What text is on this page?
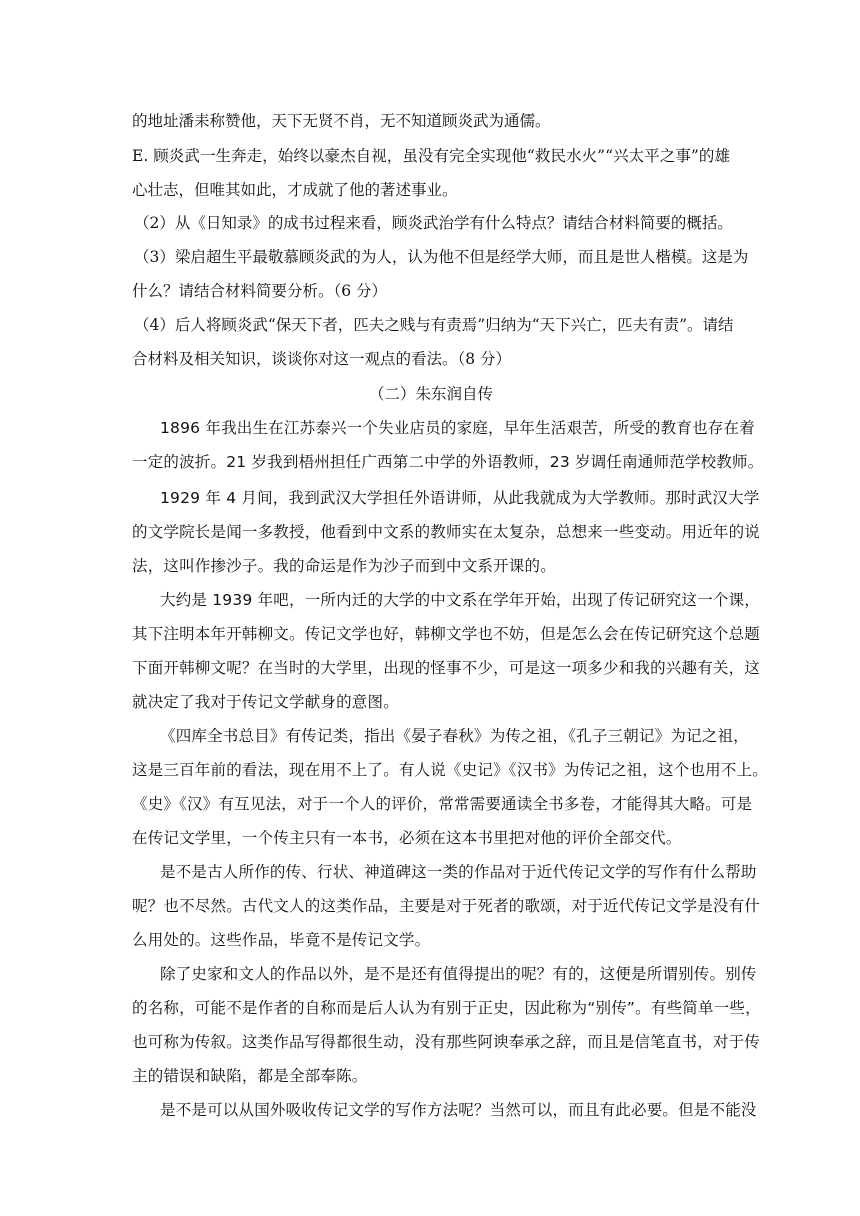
的地址潘耒称赞他，天下无贤不肖，无不知道顾炎武为通儒。
E. 顾炎武一生奔走，始终以豪杰自视，虽没有完全实现他“救民水火”“兴太平之事”的雄
心壮志，但唯其如此，才成就了他的著述事业。
（2）从《日知录》的成书过程来看，顾炎武治学有什么特点？请结合材料简要的概括。
（3）梁启超生平最敬慕顾炎武的为人，认为他不但是经学大师，而且是世人楷模。这是为
什么？请结合材料简要分析。（6 分）
（4）后人将顾炎武“保天下者，匹夫之贱与有责焉”归纳为“天下兴亡，匹夫有责”。请结
合材料及相关知识，谈谈你对这一观点的看法。（8 分）
（二）朱东润自传
1896 年我出生在江苏泰兴一个失业店员的家庭，早年生活艰苦，所受的教育也存在着
一定的波折。21 岁我到梧州担任广西第二中学的外语教师，23 岁调任南通师范学校教师。
1929 年 4 月间，我到武汉大学担任外语讲师，从此我就成为大学教师。那时武汉大学
的文学院长是闻一多教授，他看到中文系的教师实在太复杂，总想来一些变动。用近年的说
法，这叫作掺沙子。我的命运是作为沙子而到中文系开课的。
大约是 1939 年吧，一所内迁的大学的中文系在学年开始，出现了传记研究这一个课，
其下注明本年开韩柳文。传记文学也好，韩柳文学也不妨，但是怎么会在传记研究这个总题
下面开韩柳文呢？在当时的大学里，出现的怪事不少，可是这一项多少和我的兴趣有关，这
就决定了我对于传记文学献身的意图。
《四库全书总目》有传记类，指出《晏子春秋》为传之祖，《孔子三朝记》为记之祖，
这是三百年前的看法，现在用不上了。有人说《史记》《汉书》为传记之祖，这个也用不上。
《史》《汉》有互见法，对于一个人的评价，常常需要通读全书多卷，才能得其大略。可是
在传记文学里，一个传主只有一本书，必须在这本书里把对他的评价全部交代。
是不是古人所作的传、行状、神道碑这一类的作品对于近代传记文学的写作有什么帮助
呢？也不尽然。古代文人的这类作品，主要是对于死者的歌颂，对于近代传记文学是没有什
么用处的。这些作品，毕竟不是传记文学。
除了史家和文人的作品以外，是不是还有值得提出的呢？有的，这便是所谓别传。别传
的名称，可能不是作者的自称而是后人认为有别于正史，因此称为“别传”。有些简单一些，
也可称为传叙。这类作品写得都很生动，没有那些阿谀奉承之辞，而且是信笔直书，对于传
主的错误和缺陷，都是全部奉陈。
是不是可以从国外吸收传记文学的写作方法呢？当然可以，而且有此必要。但是不能没
